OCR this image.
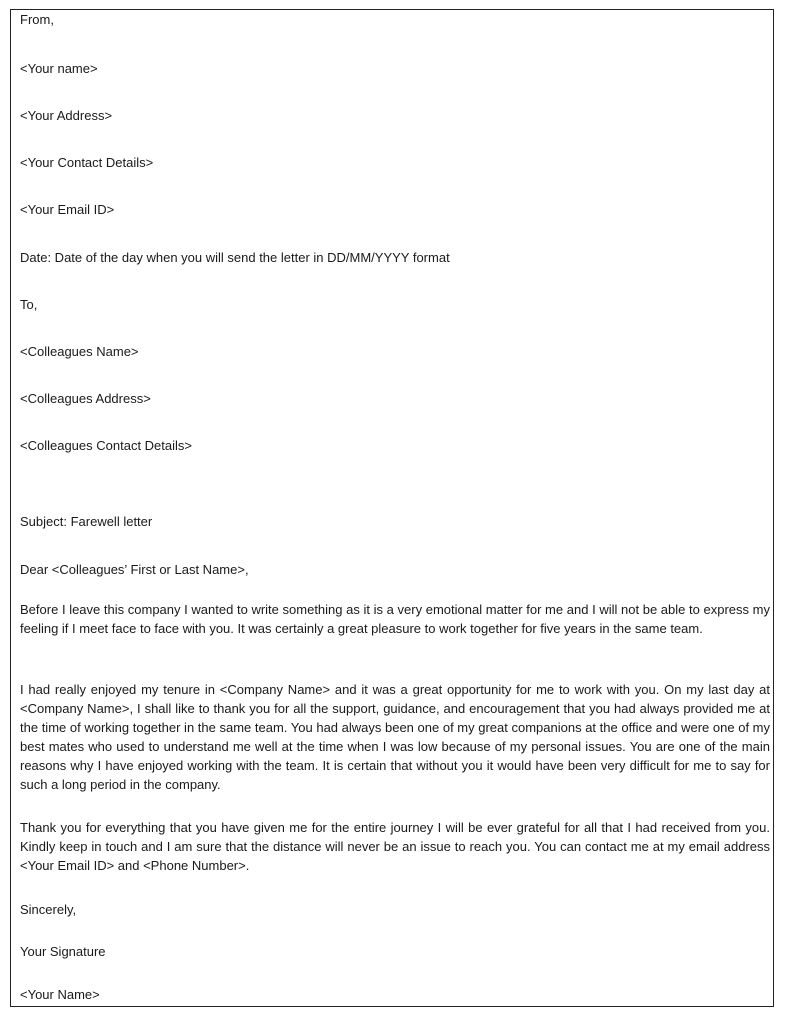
From,
<Your name>
<Your Address>
<Your Contact Details>
<Your Email ID>
Date: Date of the day when you will send the letter in DD/MM/YYYY format
To,
<Colleagues Name>
<Colleagues Address>
<Colleagues Contact Details>
Subject: Farewell letter
Dear <Colleagues’ First or Last Name>,
Before I leave this company I wanted to write something as it is a very emotional matter for me and I will not be able to express my feeling if I meet face to face with you. It was certainly a great pleasure to work together for five years in the same team.
I had really enjoyed my tenure in <Company Name> and it was a great opportunity for me to work with you. On my last day at <Company Name>, I shall like to thank you for all the support, guidance, and encouragement that you had always provided me at the time of working together in the same team. You had always been one of my great companions at the office and were one of my best mates who used to understand me well at the time when I was low because of my personal issues. You are one of the main reasons why I have enjoyed working with the team. It is certain that without you it would have been very difficult for me to say for such a long period in the company.
Thank you for everything that you have given me for the entire journey I will be ever grateful for all that I had received from you. Kindly keep in touch and I am sure that the distance will never be an issue to reach you. You can contact me at my email address <Your Email ID> and <Phone Number>.
Sincerely,
Your Signature
<Your Name>
